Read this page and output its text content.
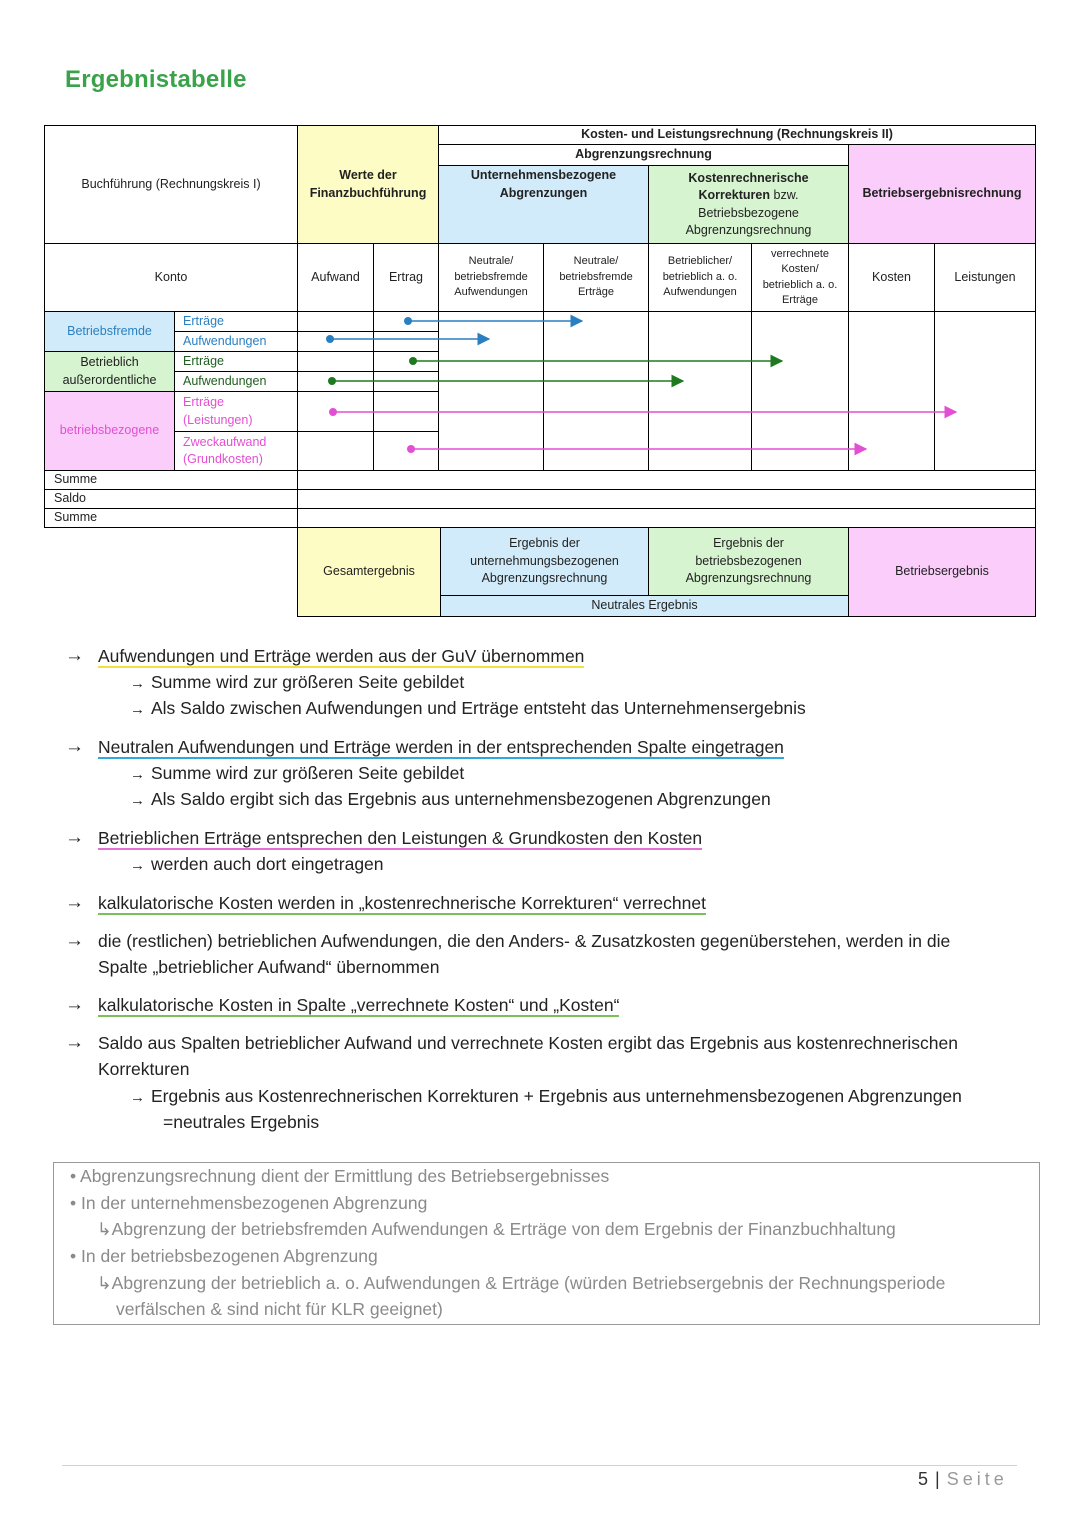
Ergebnistabelle
Buchführung (Rechnungskreis I)
Werte der Finanzbuchführung
Kosten- und Leistungsrechnung (Rechnungskreis II)
Abgrenzungsrechnung
Unternehmensbezogene Abgrenzungen
Kostenrechnerische Korrekturen bzw.
Betriebsbezogene Abgrenzungsrechnung
Betriebsergebnisrechnung
Konto	Aufwand Ertrag
Neutrale/ betriebsfremde Aufwendungen
Neutrale/ betriebsfremde Erträge
Betrieblicher/ betrieblich a. o. Aufwendungen
verrechnete Kosten/ betrieblich a. o. Erträge
Kosten	Leistungen
Betriebsfremde
Betrieblich außerordentliche
betriebsbezogene
Erträge
Aufwendungen
Erträge
Aufwendungen
Erträge (Leistungen)
Zweckaufwand (Grundkosten)
Summe
Saldo
Summe
Gesamtergebnis
Ergebnis der unternehmungsbezogenen Abgrenzungsrechnung
Ergebnis der betriebsbezogenen Abgrenzungsrechnung
Neutrales Ergebnis
Betriebsergebnis
→ Aufwendungen und Erträge werden aus der GuV übernommen
→ Summe wird zur größeren Seite gebildet
→ Als Saldo zwischen Aufwendungen und Erträge entsteht das Unternehmensergebnis
→ Neutralen Aufwendungen und Erträge werden in der entsprechenden Spalte eingetragen
→ Summe wird zur größeren Seite gebildet
→ Als Saldo ergibt sich das Ergebnis aus unternehmensbezogenen Abgrenzungen
→ Betrieblichen Erträge entsprechen den Leistungen & Grundkosten den Kosten
→ werden auch dort eingetragen
→ kalkulatorische Kosten werden in „kostenrechnerische Korrekturen“ verrechnet
→ die (restlichen) betrieblichen Aufwendungen, die den Anders- & Zusatzkosten gegenüberstehen, werden in die Spalte „betrieblicher Aufwand“ übernommen
→ kalkulatorische Kosten in Spalte „verrechnete Kosten“ und „Kosten“
→ Saldo aus Spalten betrieblicher Aufwand und verrechnete Kosten ergibt das Ergebnis aus kostenrechnerischen Korrekturen
→ Ergebnis aus Kostenrechnerischen Korrekturen + Ergebnis aus unternehmensbezogenen Abgrenzungen
=neutrales Ergebnis
• Abgrenzungsrechnung dient der Ermittlung des Betriebsergebnisses
• In der unternehmensbezogenen Abgrenzung
↳Abgrenzung der betriebsfremden Aufwendungen & Erträge von dem Ergebnis der Finanzbuchhaltung
• In der betriebsbezogenen Abgrenzung
↳Abgrenzung der betrieblich a. o. Aufwendungen & Erträge (würden Betriebsergebnis der Rechnungsperiode
verfälschen & sind nicht für KLR geeignet)
5 | Seite
